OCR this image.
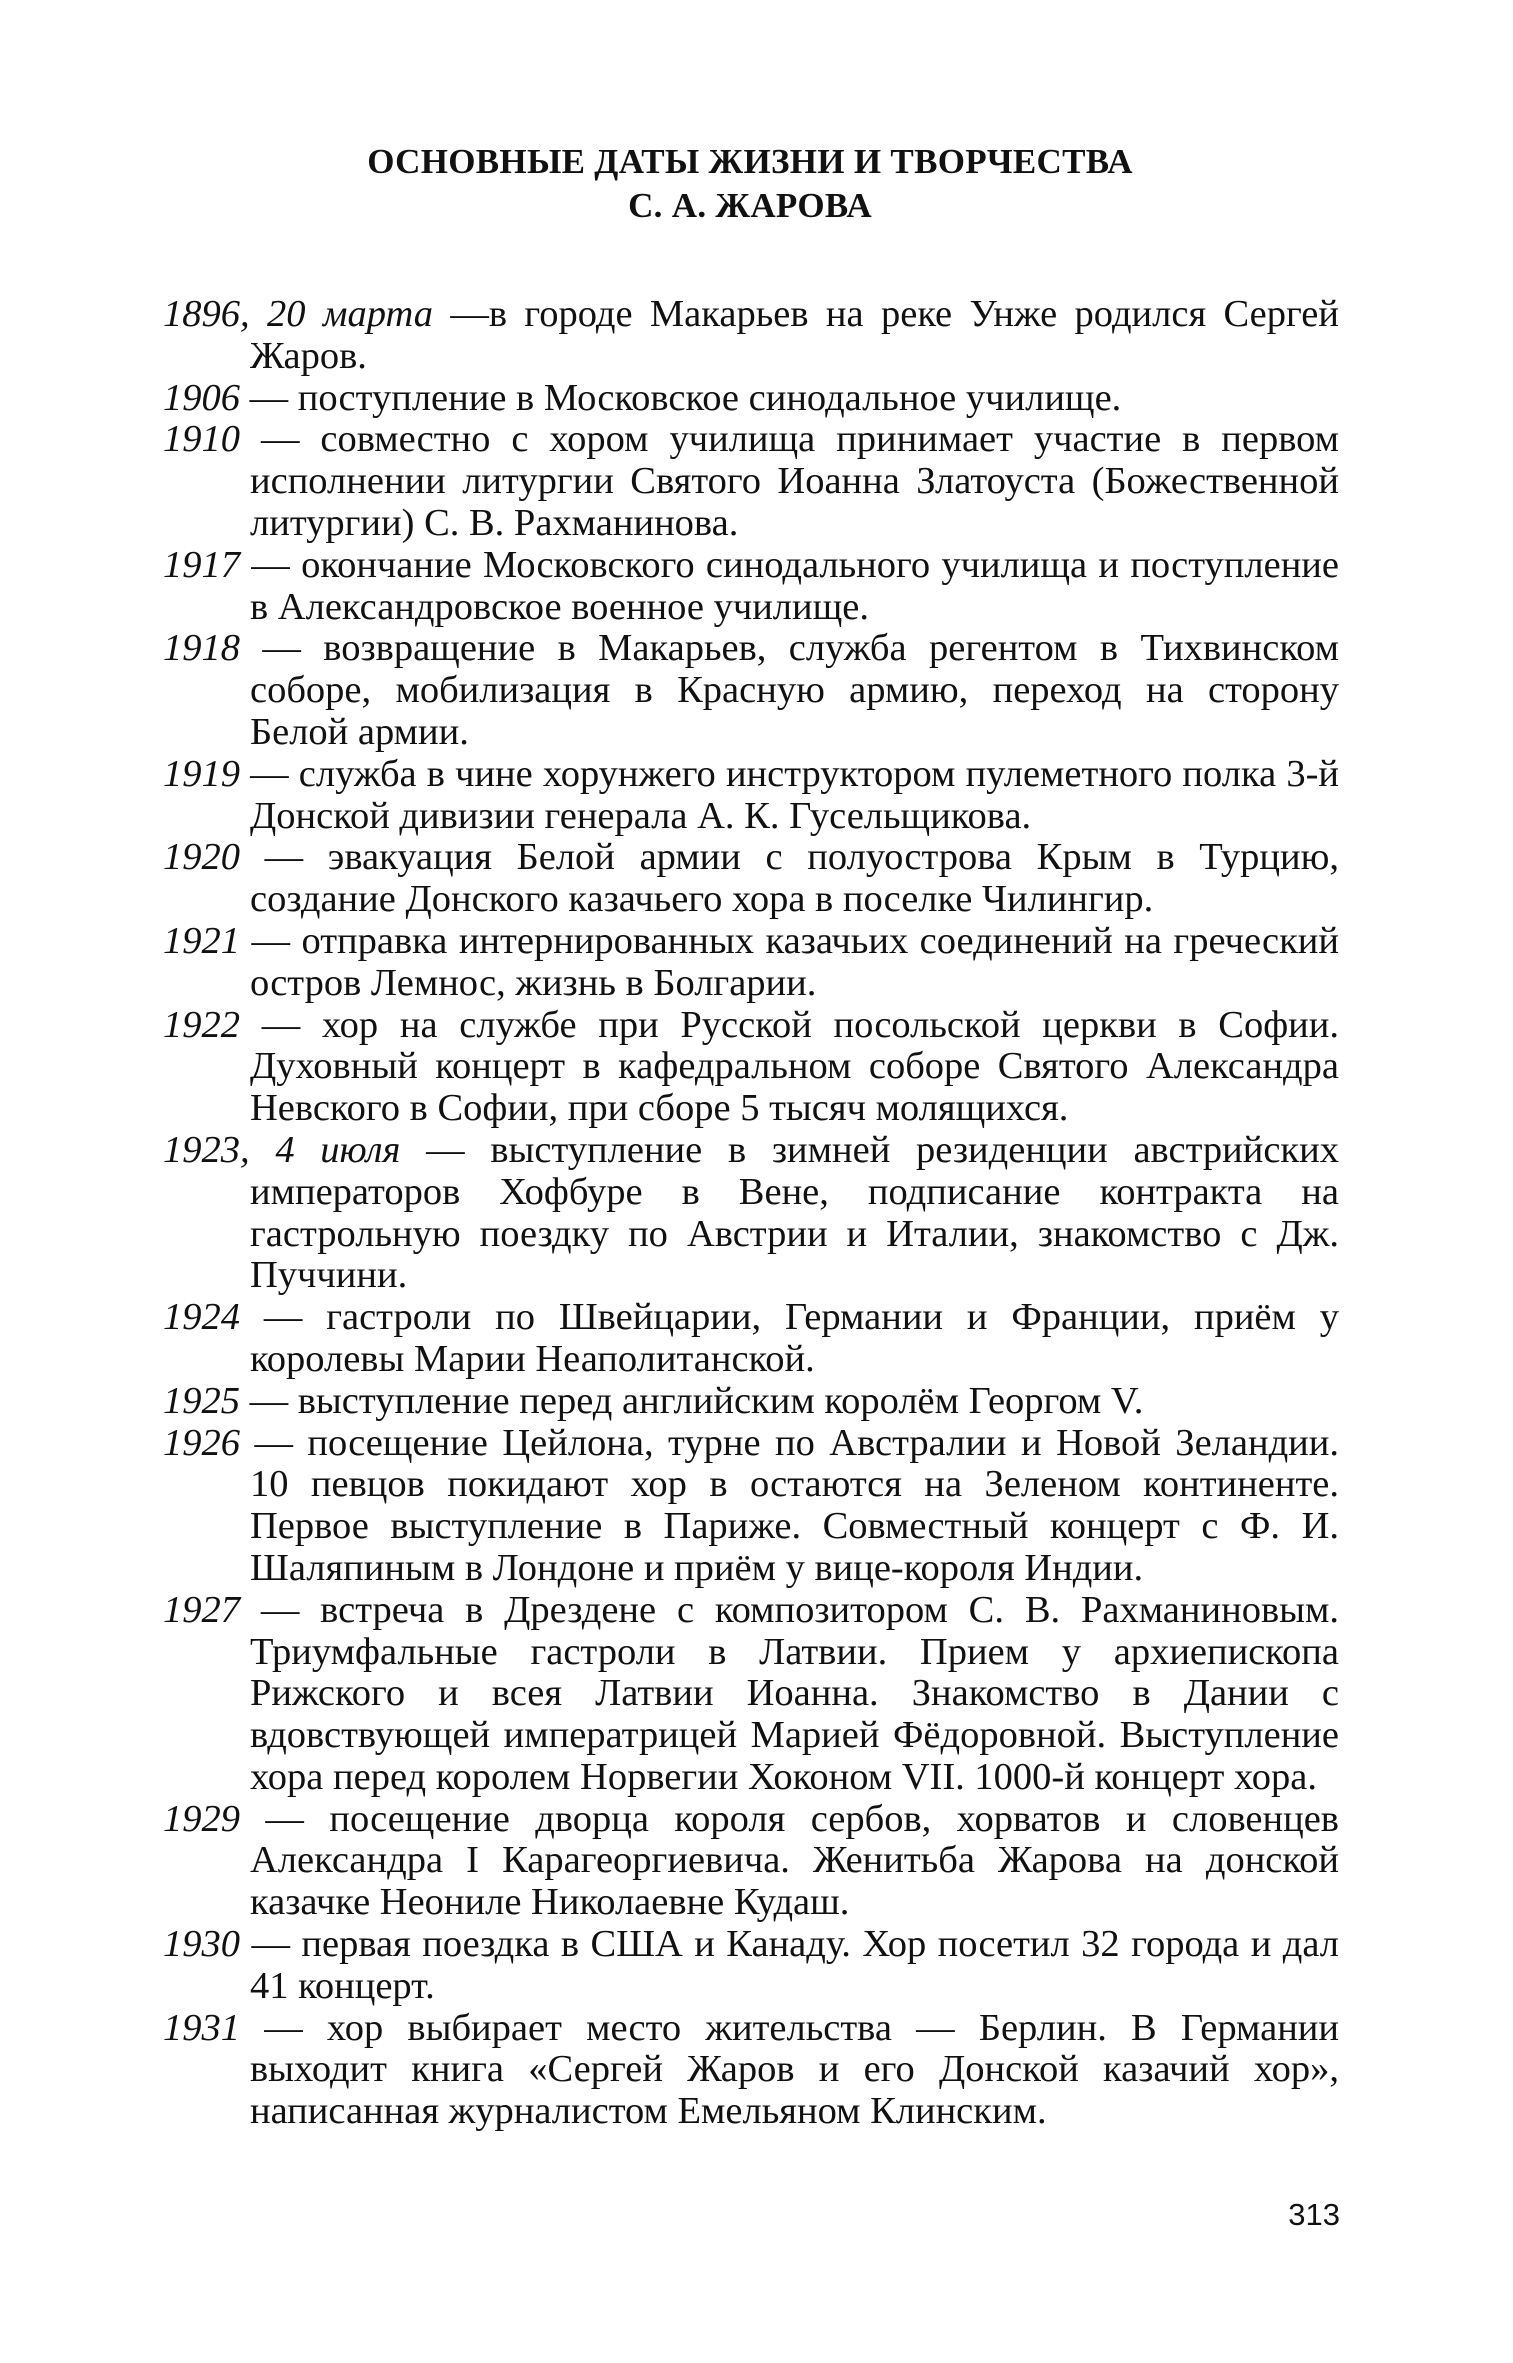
ОСНОВНЫЕ ДАТЫ ЖИЗНИ И ТВОРЧЕСТВА
С. А. ЖАРОВА
1896, 20 марта —в городе Макарьев на реке Унже родился Сергей Жаров.
1906 — поступление в Московское синодальное училище.
1910 — совместно с хором училища принимает участие в первом исполнении литургии Святого Иоанна Златоуста (Божественной литургии) С. В. Рахманинова.
1917 — окончание Московского синодального училища и поступление в Александровское военное училище.
1918 — возвращение в Макарьев, служба регентом в Тихвинском соборе, мобилизация в Красную армию, переход на сторону Белой армии.
1919 — служба в чине хорунжего инструктором пулеметного полка 3-й Донской дивизии генерала А. К. Гусельщикова.
1920 — эвакуация Белой армии с полуострова Крым в Турцию, создание Донского казачьего хора в поселке Чилингир.
1921 — отправка интернированных казачьих соединений на греческий остров Лемнос, жизнь в Болгарии.
1922 — хор на службе при Русской посольской церкви в Софии. Духовный концерт в кафедральном соборе Святого Александра Невского в Софии, при сборе 5 тысяч молящихся.
1923, 4 июля — выступление в зимней резиденции австрийских императоров Хофбуре в Вене, подписание контракта на гастрольную поездку по Австрии и Италии, знакомство с Дж. Пуччини.
1924 — гастроли по Швейцарии, Германии и Франции, приём у королевы Марии Неаполитанской.
1925 — выступление перед английским королём Георгом V.
1926 — посещение Цейлона, турне по Австралии и Новой Зеландии. 10 певцов покидают хор в остаются на Зеленом континенте. Первое выступление в Париже. Совместный концерт с Ф. И. Шаляпиным в Лондоне и приём у вице-короля Индии.
1927 — встреча в Дрездене с композитором С. В. Рахманиновым. Триумфальные гастроли в Латвии. Прием у архиепископа Рижского и всея Латвии Иоанна. Знакомство в Дании с вдовствующей императрицей Марией Фёдоровной. Выступление хора перед королем Норвегии Хоконом VII. 1000-й концерт хора.
1929 — посещение дворца короля сербов, хорватов и словенцев Александра I Карагеоргиевича. Женитьба Жарова на донской казачке Неониле Николаевне Кудаш.
1930 — первая поездка в США и Канаду. Хор посетил 32 города и дал 41 концерт.
1931 — хор выбирает место жительства — Берлин. В Германии выходит книга «Сергей Жаров и его Донской казачий хор», написанная журналистом Емельяном Клинским.
313
